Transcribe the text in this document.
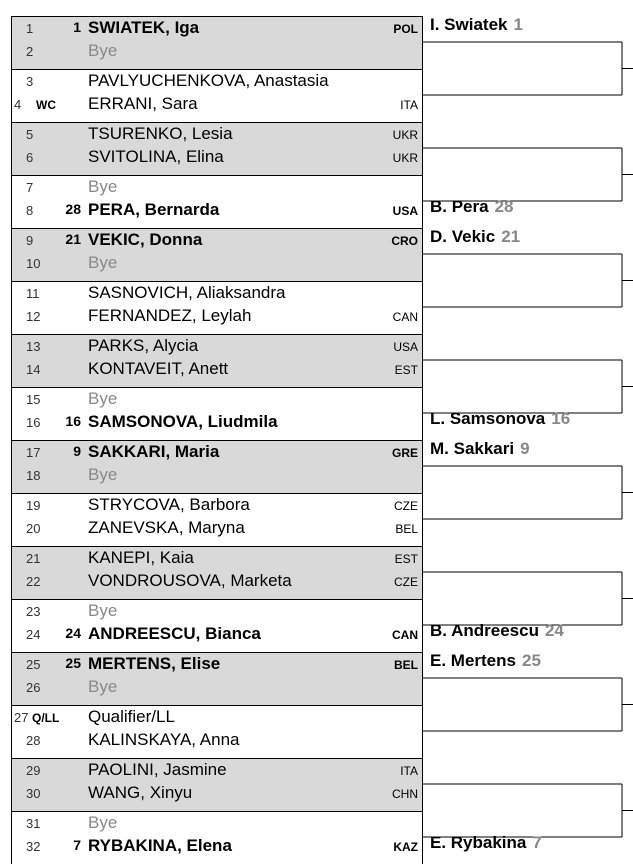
1	1 SWIATEK, Iga	POL
2	Bye
3	PAVLYUCHENKOVA, Anastasia
4 WC ERRANI, Sara	ITA
5	TSURENKO, Lesia	UKR
6	SVITOLINA, Elina	UKR
7	Bye
8	28 PERA, Bernarda	USA
9	21 VEKIC, Donna	CRO
10	Bye
11	SASNOVICH, Aliaksandra
12	FERNANDEZ, Leylah	CAN
13	PARKS, Alycia	USA
14	KONTAVEIT, Anett	EST
15	Bye
16	16 SAMSONOVA, Liudmila
17	9 SAKKARI, Maria	GRE
18	Bye
19	STRYCOVA, Barbora	CZE
20	ZANEVSKA, Maryna	BEL
21	KANEPI, Kaia	EST
22	VONDROUSOVA, Marketa	CZE
23	Bye
24	24 ANDREESCU, Bianca	CAN
25	25 MERTENS, Elise	BEL
26	Bye
27 Q/LL Qualifier/LL
28	KALINSKAYA, Anna
29	PAOLINI, Jasmine	ITA
30	WANG, Xinyu	CHN
31	Bye
32	7 RYBAKINA, Elena	KAZ
I. Swiatek 1
B. Pera 28
D. Vekic 21
L. Samsonova 16
M. Sakkari 9
B. Andreescu 24
E. Mertens 25
E. Rybakina 7
